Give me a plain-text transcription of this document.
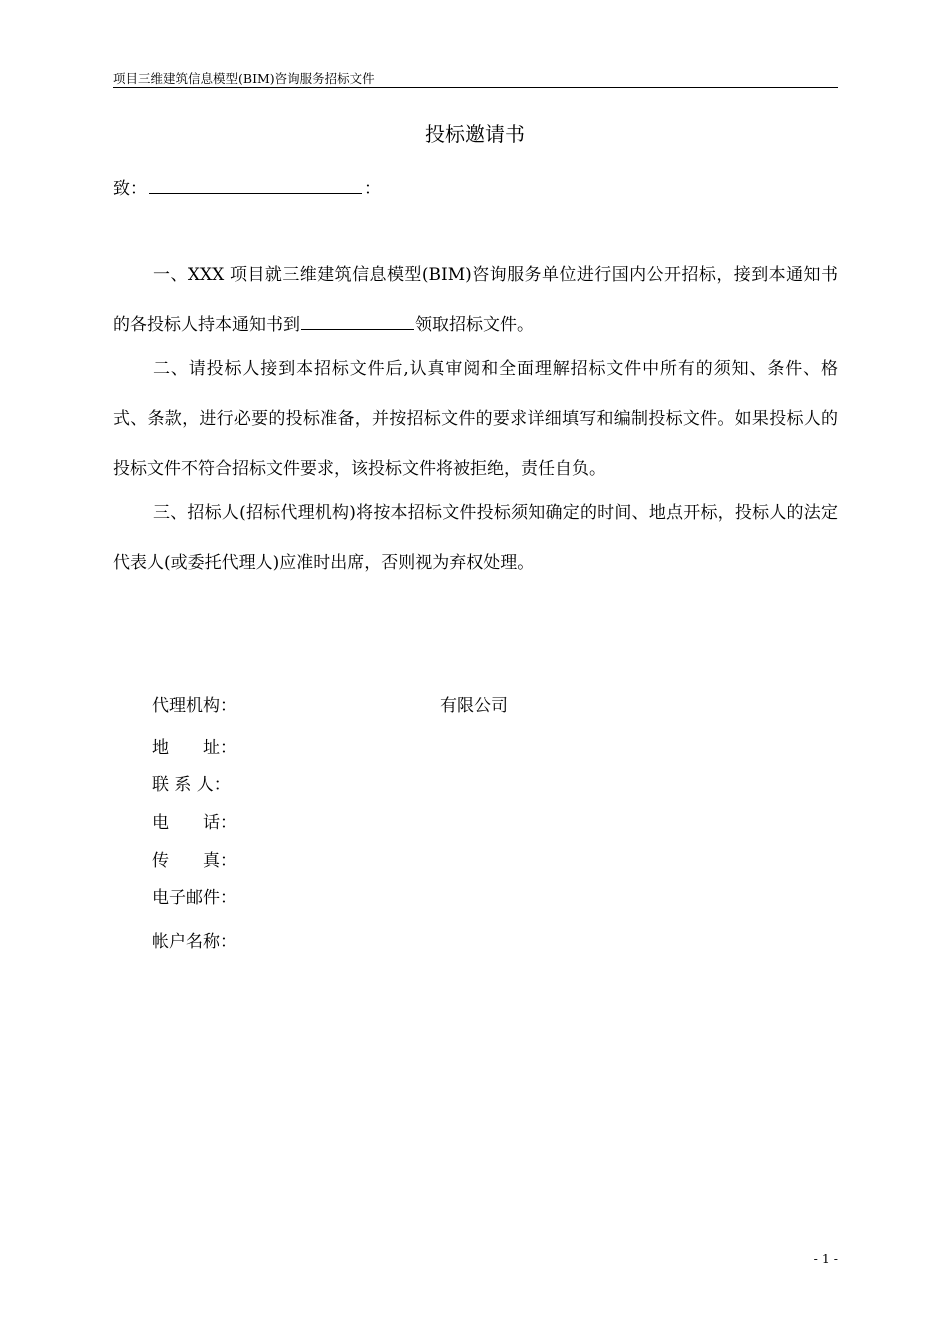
项目三维建筑信息模型(BIM)咨询服务招标文件
投标邀请书
致：	：
一、XXX 项目就三维建筑信息模型(BIM)咨询服务单位进行国内公开招标，接到本通知书的各投标人持本通知书到	领取招标文件。
二、请投标人接到本招标文件后,认真审阅和全面理解招标文件中所有的须知、条件、格式、条款，进行必要的投标准备，并按招标文件的要求详细填写和编制投标文件。如果投标人的投标文件不符合招标文件要求，该投标文件将被拒绝，责任自负。
三、招标人(招标代理机构)将按本招标文件投标须知确定的时间、地点开标，投标人的法定代表人(或委托代理人)应准时出席，否则视为弃权处理。
代理机构：	有限公司
地　　址：
联 系 人：
电　　话：
传　　真：
电子邮件：
帐户名称：
- 1 -
